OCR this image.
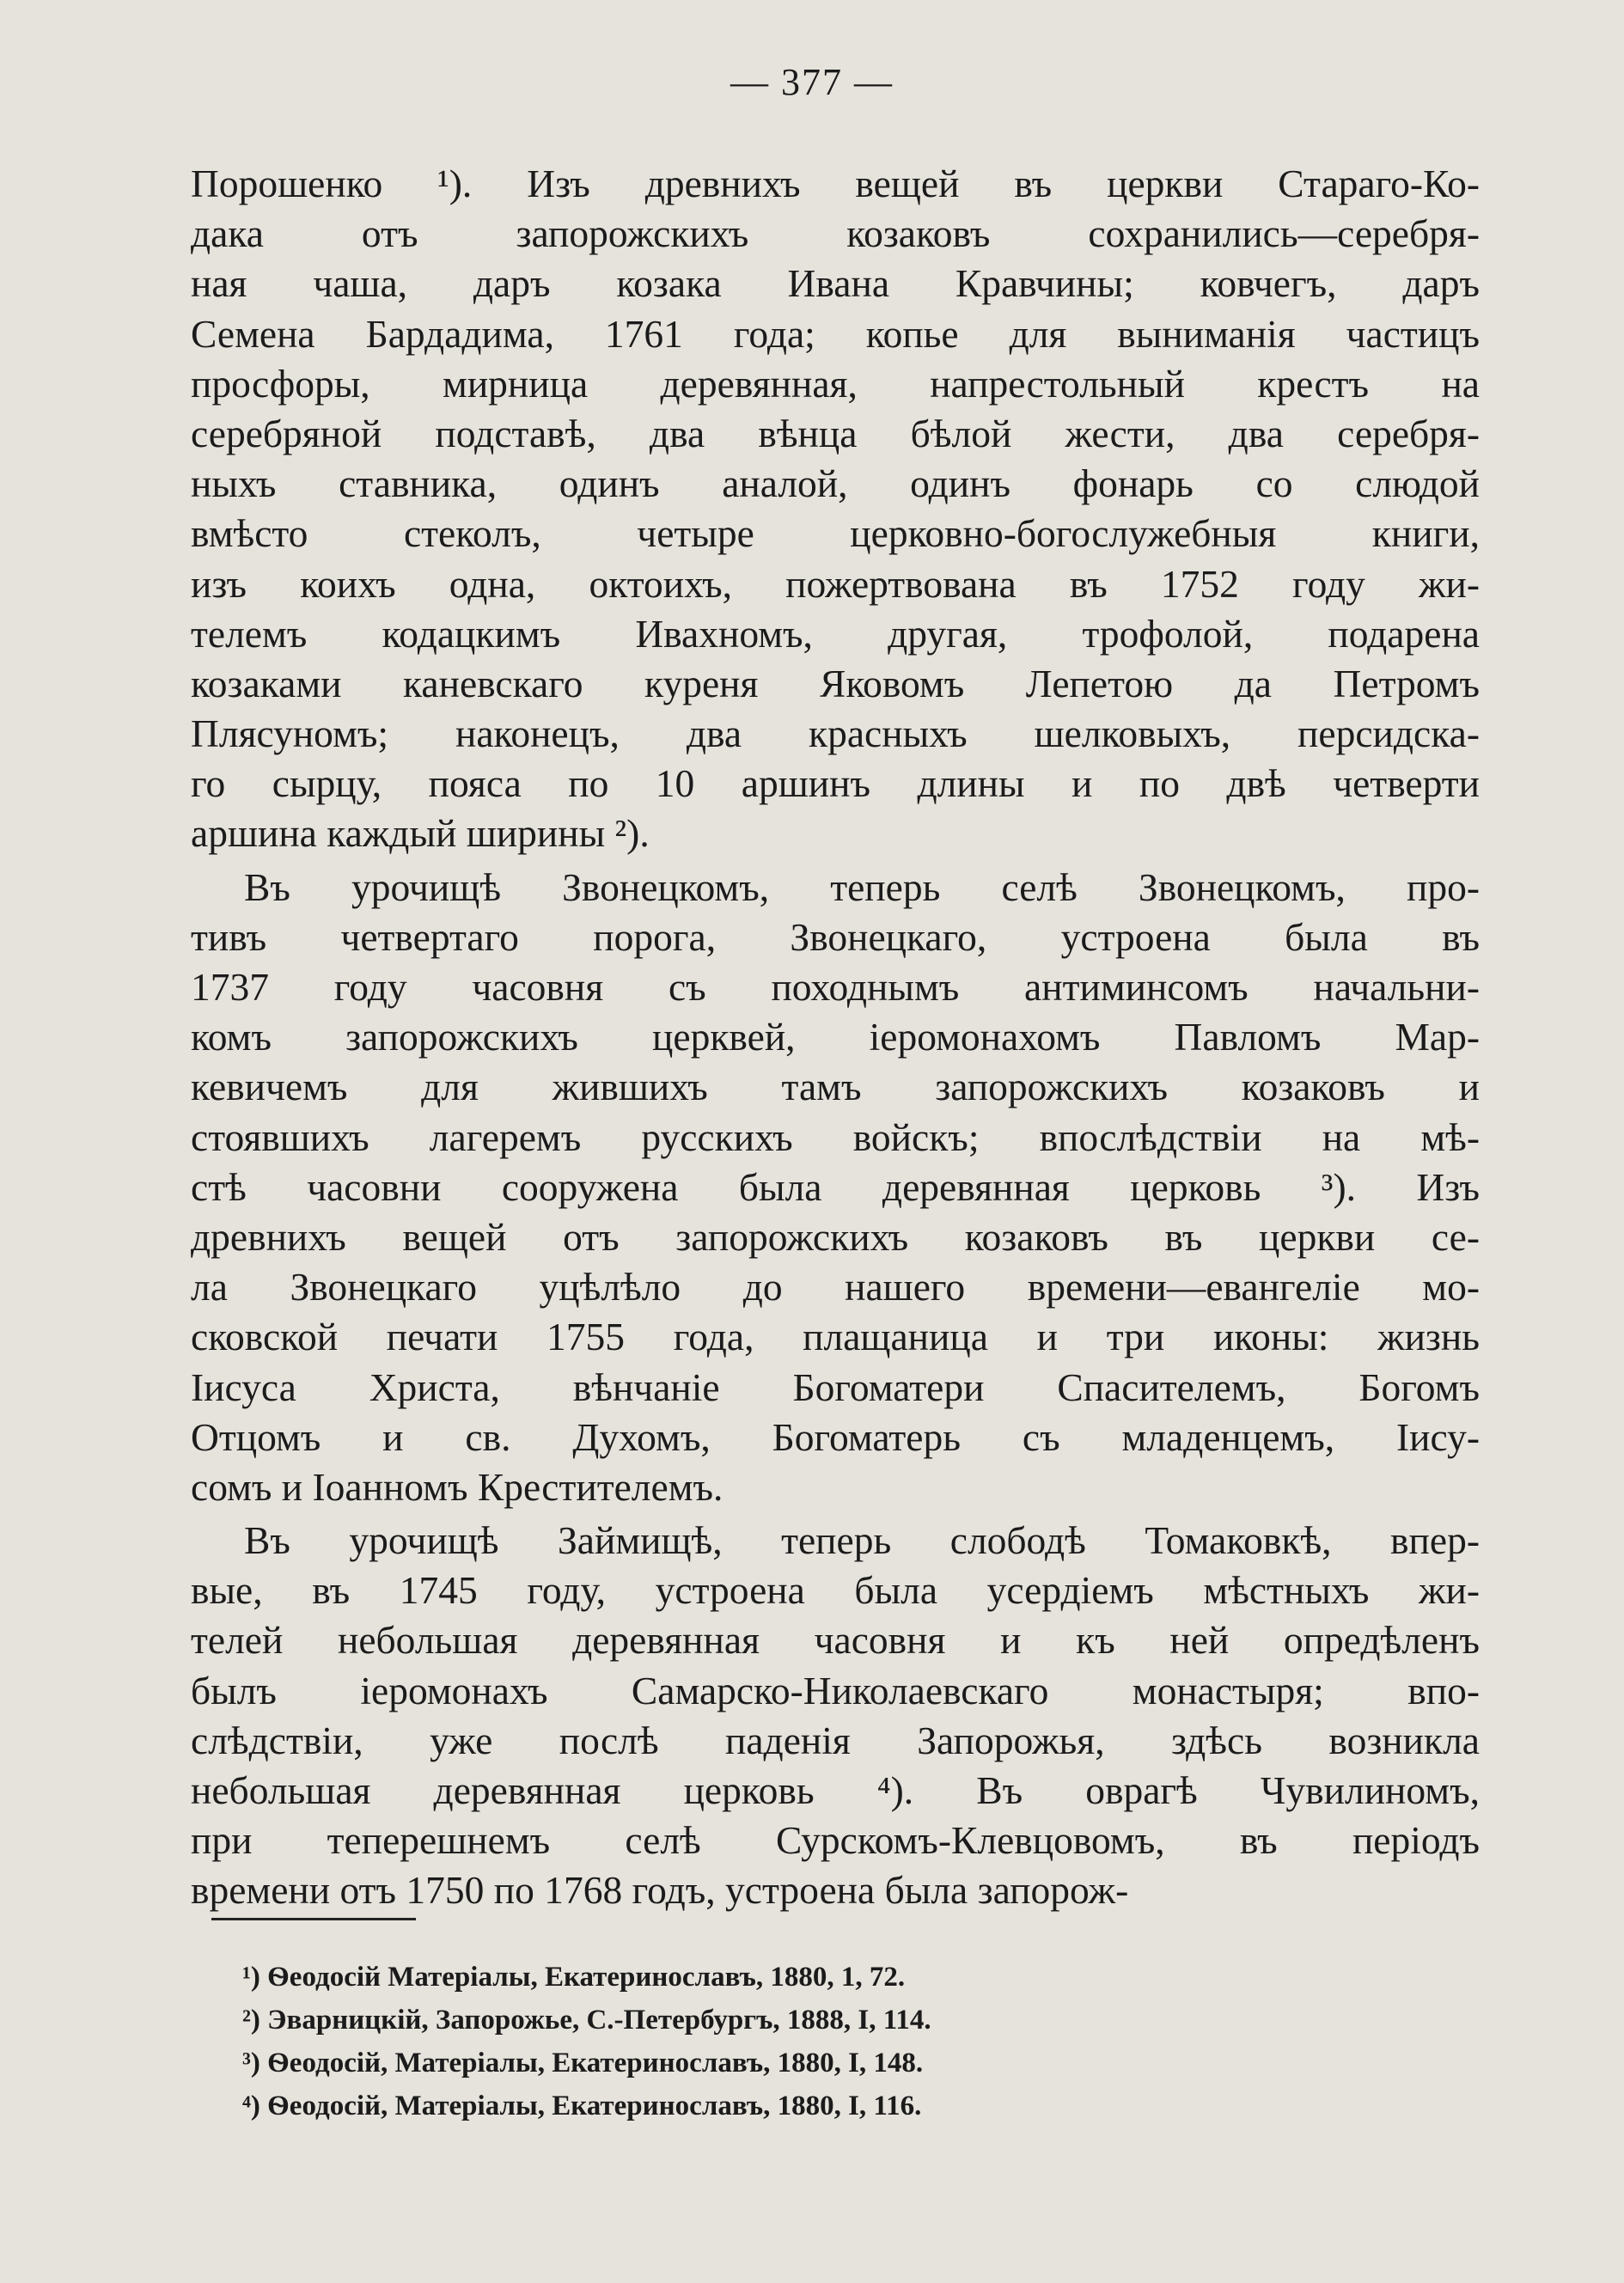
— 377 —
Порошенко ¹). Изъ древнихъ вещей въ церкви Стараго-Ко-
дака отъ запорожскихъ козаковъ сохранились—серебря-
ная чаша, даръ козака Ивана Кравчины; ковчегъ, даръ
Семена Бардадима, 1761 года; копье для выниманія частицъ
просфоры, мирница деревянная, напрестольный крестъ на
серебряной подставѣ, два вѣнца бѣлой жести, два серебря-
ныхъ ставника, одинъ аналой, одинъ фонарь со слюдой
вмѣсто стеколъ, четыре церковно-богослужебныя книги,
изъ коихъ одна, октоихъ, пожертвована въ 1752 году жи-
телемъ кодацкимъ Ивахномъ, другая, трофолой, подарена
козаками каневскаго куреня Яковомъ Лепетою да Петромъ
Плясуномъ; наконецъ, два красныхъ шелковыхъ, персидска-
го сырцу, пояса по 10 аршинъ длины и по двѣ четверти
аршина каждый ширины ²).
Въ урочищѣ Звонецкомъ, теперь селѣ Звонецкомъ, про-
тивъ четвертаго порога, Звонецкаго, устроена была въ
1737 году часовня съ походнымъ антиминсомъ начальни-
комъ запорожскихъ церквей, іеромонахомъ Павломъ Мар-
кевичемъ для жившихъ тамъ запорожскихъ козаковъ и
стоявшихъ лагеремъ русскихъ войскъ; впослѣдствіи на мѣ-
стѣ часовни сооружена была деревянная церковь ³). Изъ
древнихъ вещей отъ запорожскихъ козаковъ въ церкви се-
ла Звонецкаго уцѣлѣло до нашего времени—евангеліе мо-
сковской печати 1755 года, плащаница и три иконы: жизнь
Іисуса Христа, вѣнчаніе Богоматери Спасителемъ, Богомъ
Отцомъ и св. Духомъ, Богоматерь съ младенцемъ, Іису-
сомъ и Іоанномъ Крестителемъ.
Въ урочищѣ Займищѣ, теперь слободѣ Томаковкѣ, впер-
вые, въ 1745 году, устроена была усердіемъ мѣстныхъ жи-
телей небольшая деревянная часовня и къ ней опредѣленъ
былъ іеромонахъ Самарско-Николаевскаго монастыря; впо-
слѣдствіи, уже послѣ паденія Запорожья, здѣсь возникла
небольшая деревянная церковь ⁴). Въ оврагѣ Чувилиномъ,
при теперешнемъ селѣ Сурскомъ-Клевцовомъ, въ періодъ
времени отъ 1750 по 1768 годъ, устроена была запорож-
¹) Ѳеодосій Матеріалы, Екатеринославъ, 1880, 1, 72.
²) Эварницкій, Запорожье, С.-Петербургъ, 1888, I, 114.
³) Ѳеодосій, Матеріалы, Екатеринославъ, 1880, I, 148.
⁴) Ѳеодосій, Матеріалы, Екатеринославъ, 1880, I, 116.
